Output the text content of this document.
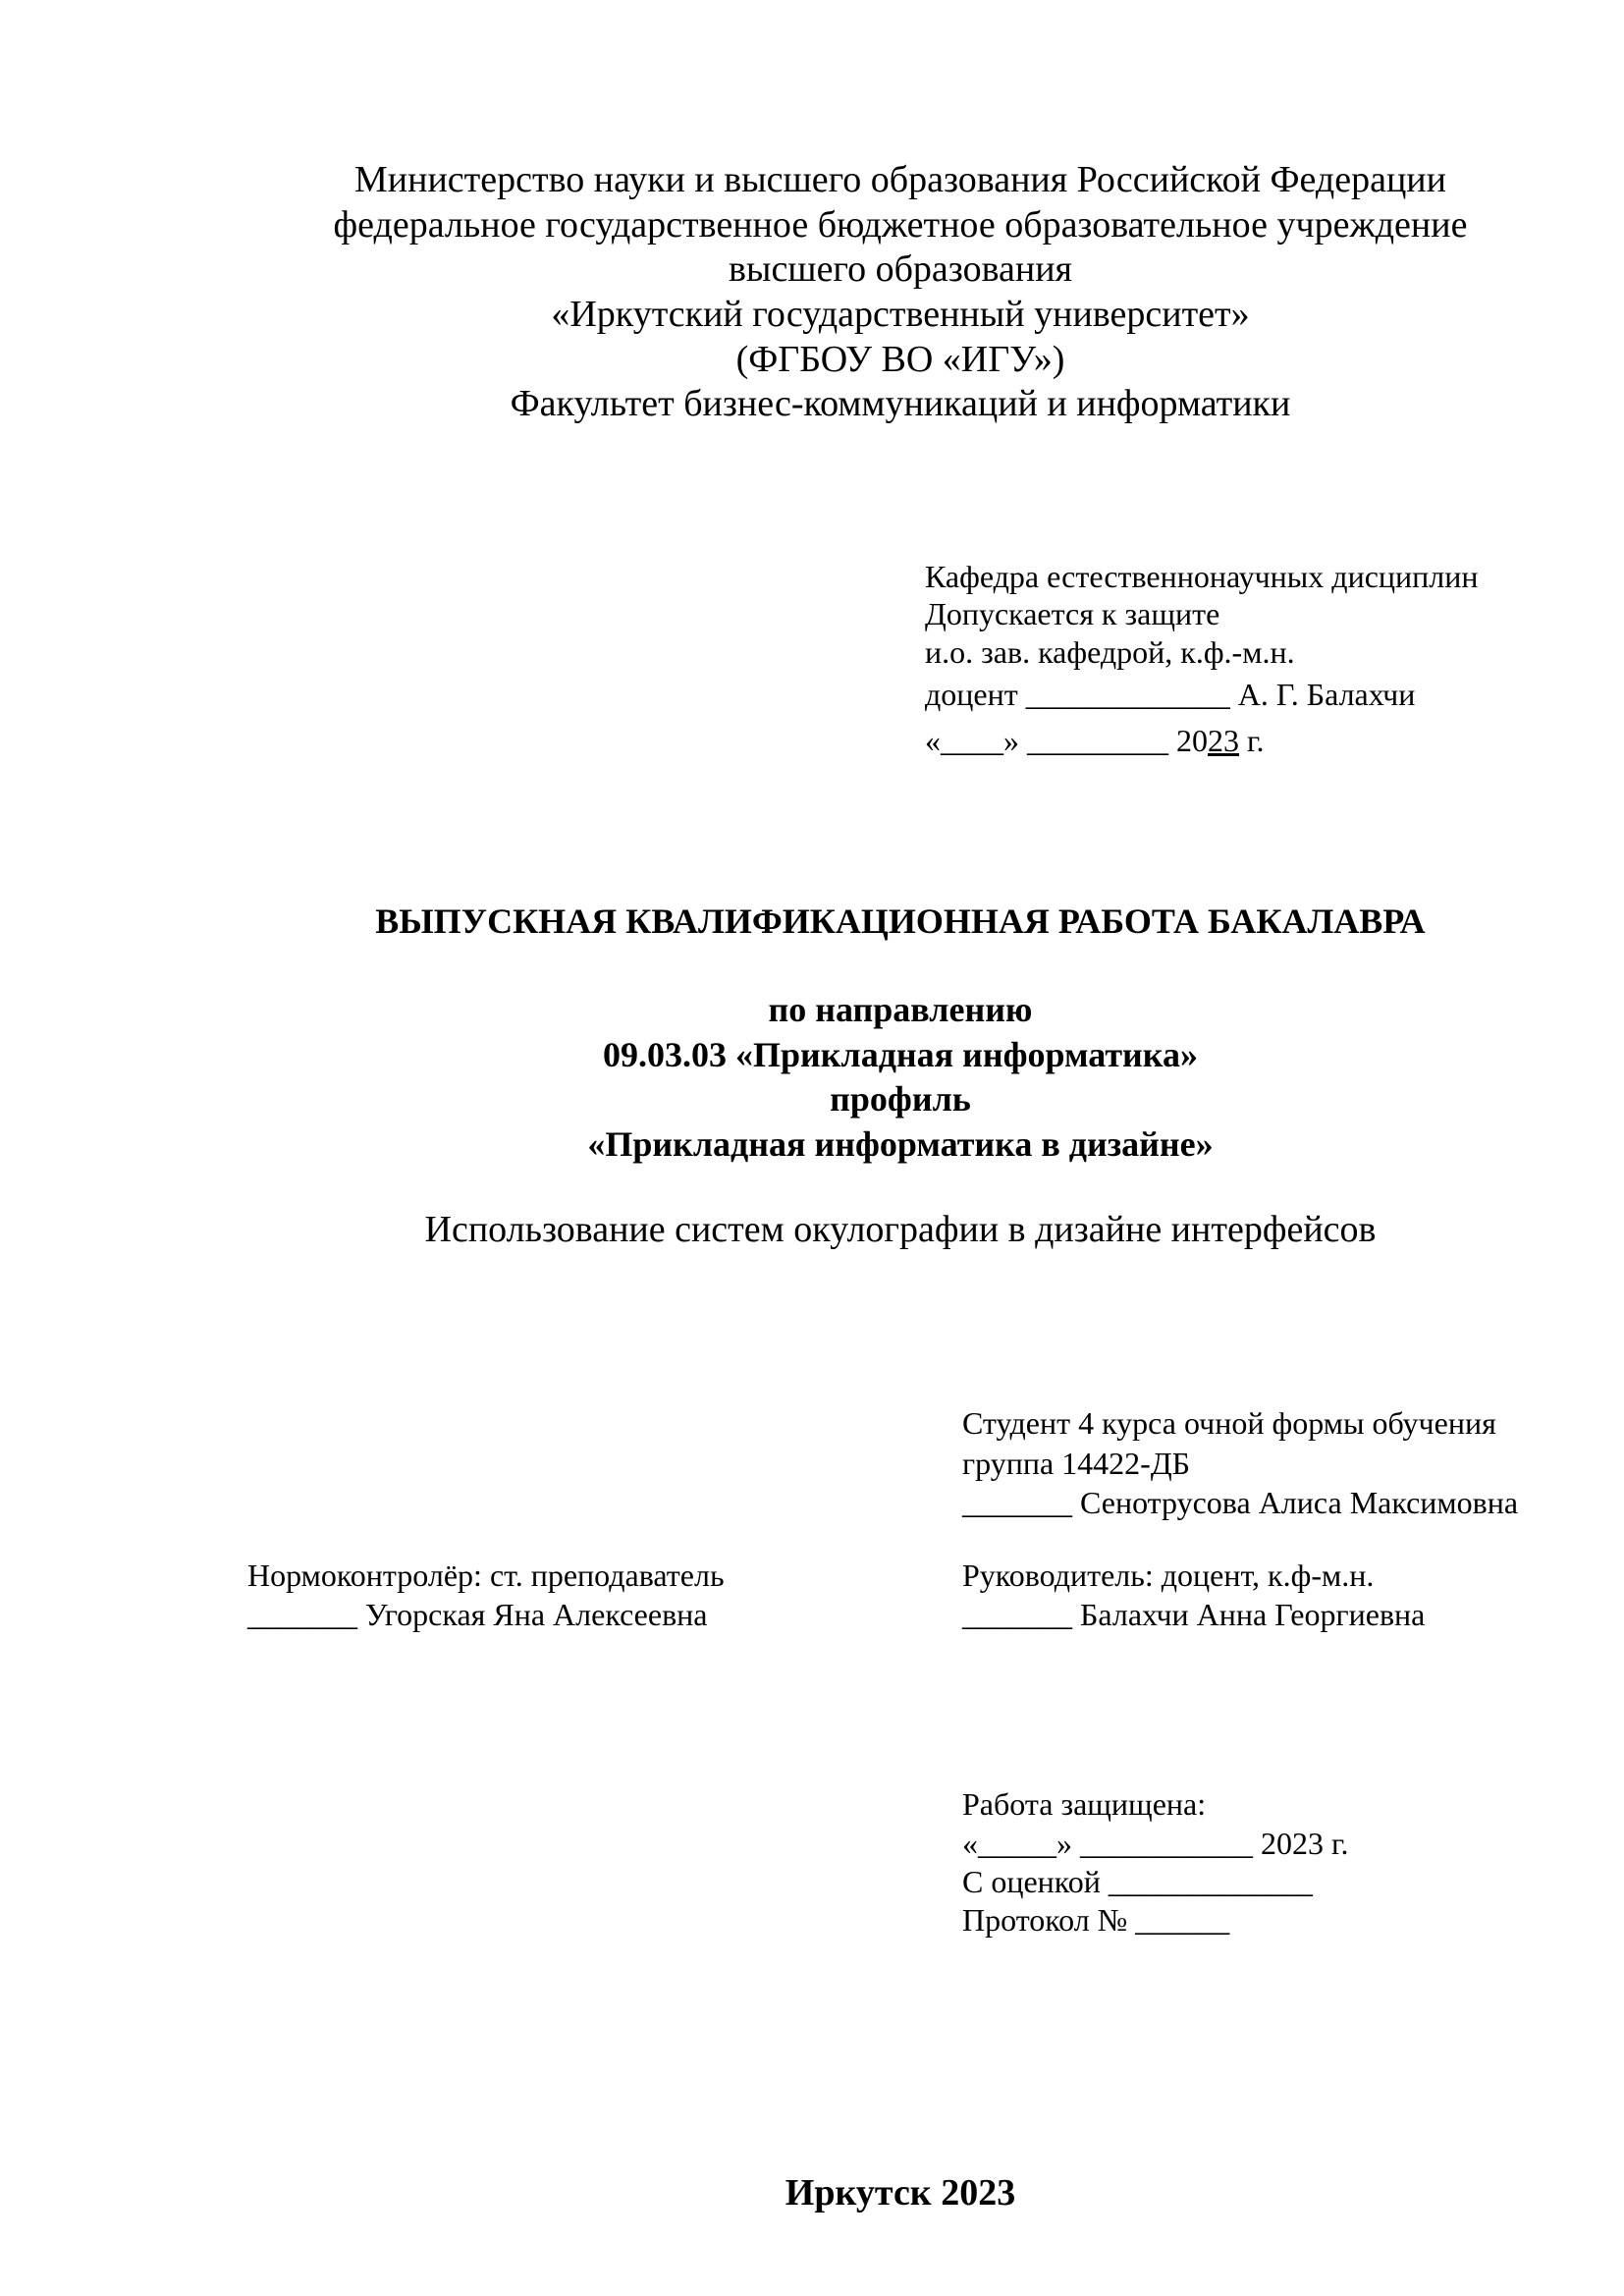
Министерство науки и высшего образования Российской Федерации
федеральное государственное бюджетное образовательное учреждение
высшего образования
«Иркутский государственный университет»
(ФГБОУ ВО «ИГУ»)
Факультет бизнес-коммуникаций и информатики
Кафедра естественнонаучных дисциплин
Допускается к защите
и.о. зав. кафедрой, к.ф.-м.н.
доцент _____________ А. Г. Балахчи
«____» _________ 2023 г.
ВЫПУСКНАЯ КВАЛИФИКАЦИОННАЯ РАБОТА БАКАЛАВРА
по направлению
09.03.03 «Прикладная информатика»
профиль
«Прикладная информатика в дизайне»
Использование систем окулографии в дизайне интерфейсов
Студент 4 курса очной формы обучения
группа 14422-ДБ
_______ Сенотрусова Алиса Максимовна
Нормоконтролёр: ст. преподаватель
_______ Угорская Яна Алексеевна
Руководитель: доцент, к.ф-м.н.
_______ Балахчи Анна Георгиевна
Работа защищена:
«_____» ___________ 2023 г.
С оценкой _____________
Протокол № ______
Иркутск 2023
